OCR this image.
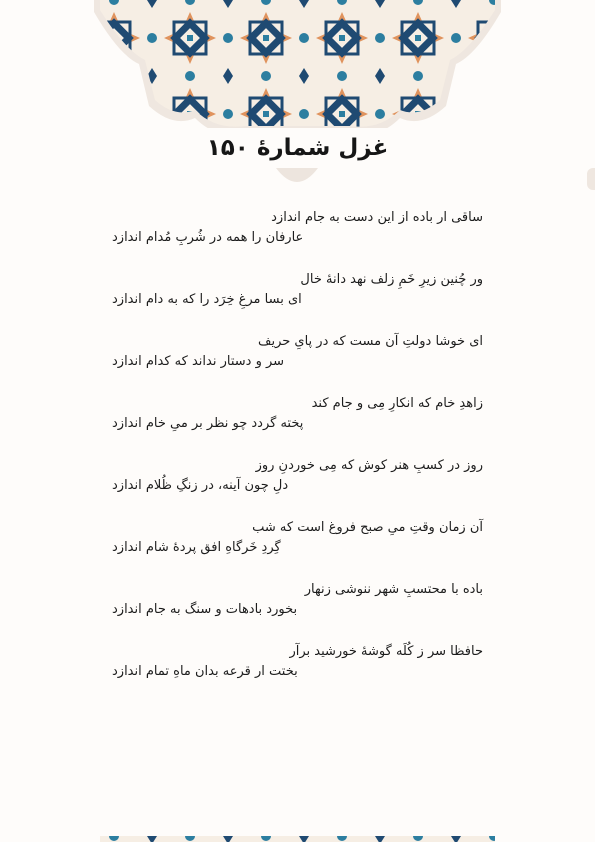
غزل شمارهٔ ۱۵۰
ساقی ار باده از این دست به جام اندازد
عارفان را همه در شُربِ مُدام اندازد
ور چُنین زیرِ خَمِ زلف نهد دانهٔ خال
ای بسا مرغِ خِرَد را که به دام اندازد
ای خوشا دولتِ آن مست که در پایِ حریف
سر و دستار نداند که کدام اندازد
زاهدِ خام که انکارِ مِی و جام کند
پخته گردد چو نظر بر میِ خام اندازد
روز در کسبِ هنر کوش که مِی خوردنِ روز
دلِ چون آینه، در زنگِ ظُلام اندازد
آن زمان وقتِ میِ صبح فروغ است که شب
گِردِ خَرگاهِ افق پردهٔ شام اندازد
باده با محتسبِ شهر ننوشی زنهار
بخورد بادهات و سنگ به جام اندازد
حافظا سر ز کُلَه گوشهٔ خورشید برآر
بختت ار قرعه بدان ماهِ تمام اندازد
